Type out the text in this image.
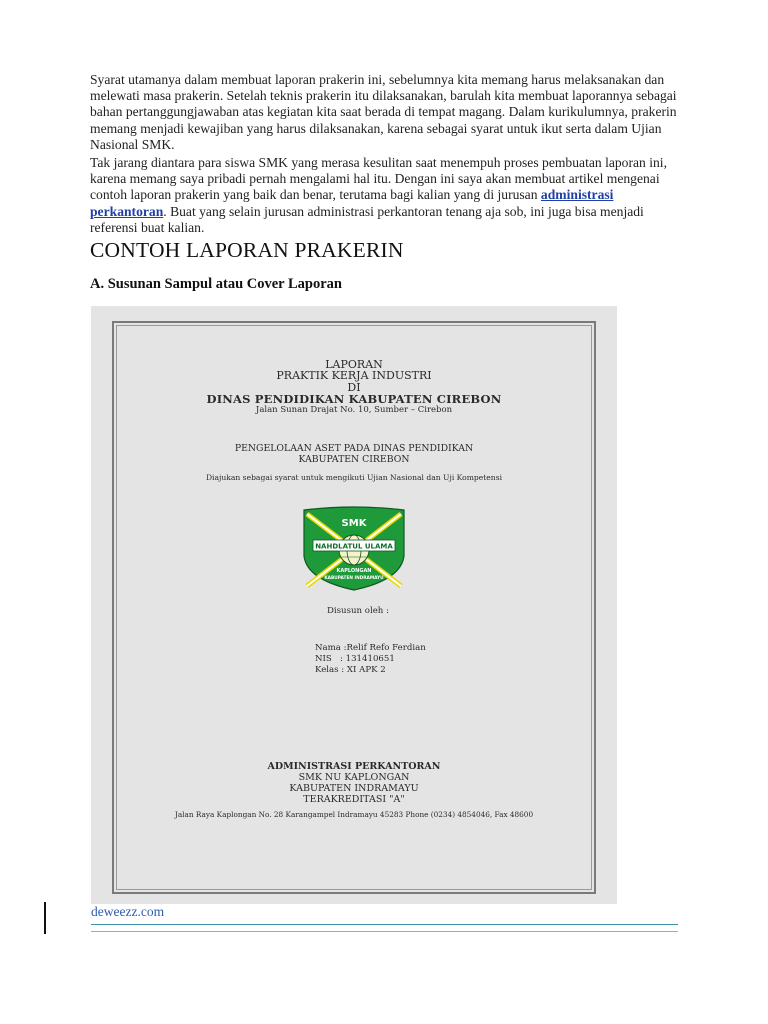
Syarat utamanya dalam membuat laporan prakerin ini, sebelumnya kita memang harus melaksanakan dan melewati masa prakerin. Setelah teknis prakerin itu dilaksanakan, barulah kita membuat laporannya sebagai bahan pertanggungjawaban atas kegiatan kita saat berada di tempat magang. Dalam kurikulumnya, prakerin memang menjadi kewajiban yang harus dilaksanakan, karena sebagai syarat untuk ikut serta dalam Ujian Nasional SMK.

Tak jarang diantara para siswa SMK yang merasa kesulitan saat menempuh proses pembuatan laporan ini, karena memang saya pribadi pernah mengalami hal itu. Dengan ini saya akan membuat artikel mengenai contoh laporan prakerin yang baik dan benar, terutama bagi kalian yang di jurusan administrasi perkantoran. Buat yang selain jurusan administrasi perkantoran tenang aja sob, ini juga bisa menjadi referensi buat kalian.

CONTOH LAPORAN PRAKERIN
A. Susunan Sampul atau Cover Laporan
LAPORAN
PRAKTIK KERJA INDUSTRI
DI
DINAS PENDIDIKAN KABUPATEN CIREBON
Jalan Sunan Drajat No. 10, Sumber – Cirebon
PENGELOLAAN ASET PADA DINAS PENDIDIKAN
KABUPATEN CIREBON
Diajukan sebagai syarat untuk mengikuti Ujian Nasional dan Uji Kompetensi
SMK
NAHDLATUL ULAMA
KAPLONGAN
KABUPATEN INDRAMAYU
Disusun oleh :
Nama :Relif Refo Ferdian
NIS   : 131410651
Kelas : XI APK 2
ADMINISTRASI PERKANTORAN
SMK NU KAPLONGAN
KABUPATEN INDRAMAYU
TERAKREDITASI "A"
Jalan Raya Kaplongan No. 28 Karangampel Indramayu 45283 Phone (0234) 4854046, Fax 48600
deweezz.com
